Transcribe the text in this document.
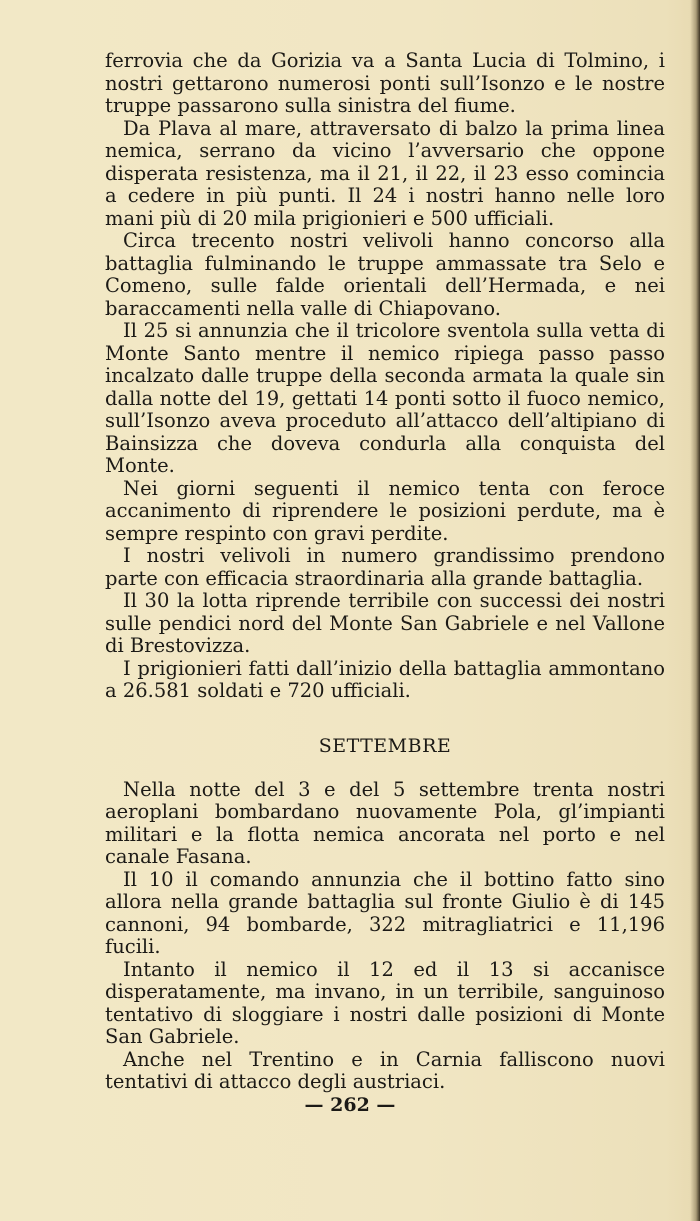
ferrovia che da Gorizia va a Santa Lucia di Tolmino, i nostri gettarono numerosi ponti sull’Isonzo e le nostre truppe passarono sulla sinistra del fiume.

Da Plava al mare, attraversato di balzo la prima linea nemica, serrano da vicino l’avversario che oppone disperata resistenza, ma il 21, il 22, il 23 esso comincia a cedere in più punti. Il 24 i nostri hanno nelle loro mani più di 20 mila prigionieri e 500 ufficiali.

Circa trecento nostri velivoli hanno concorso alla battaglia fulminando le truppe ammassate tra Selo e Comeno, sulle falde orientali dell’Hermada, e nei baraccamenti nella valle di Chiapovano.

Il 25 si annunzia che il tricolore sventola sulla vetta di Monte Santo mentre il nemico ripiega passo passo incalzato dalle truppe della seconda armata la quale sin dalla notte del 19, gettati 14 ponti sotto il fuoco nemico, sull’Isonzo aveva proceduto all’attacco dell’altipiano di Bainsizza che doveva condurla alla conquista del Monte.

Nei giorni seguenti il nemico tenta con feroce accanimento di riprendere le posizioni perdute, ma è sempre respinto con gravi perdite.

I nostri velivoli in numero grandissimo prendono parte con efficacia straordinaria alla grande battaglia.

Il 30 la lotta riprende terribile con successi dei nostri sulle pendici nord del Monte San Gabriele e nel Vallone di Brestovizza.

I prigionieri fatti dall’inizio della battaglia ammontano a 26.581 soldati e 720 ufficiali.

SETTEMBRE

Nella notte del 3 e del 5 settembre trenta nostri aeroplani bombardano nuovamente Pola, gl’impianti militari e la flotta nemica ancorata nel porto e nel canale Fasana.

Il 10 il comando annunzia che il bottino fatto sino allora nella grande battaglia sul fronte Giulio è di 145 cannoni, 94 bombarde, 322 mitragliatrici e 11,196 fucili.

Intanto il nemico il 12 ed il 13 si accanisce disperatamente, ma invano, in un terribile, sanguinoso tentativo di sloggiare i nostri dalle posizioni di Monte San Gabriele.

Anche nel Trentino e in Carnia falliscono nuovi tentativi di attacco degli austriaci.

— 262 —
